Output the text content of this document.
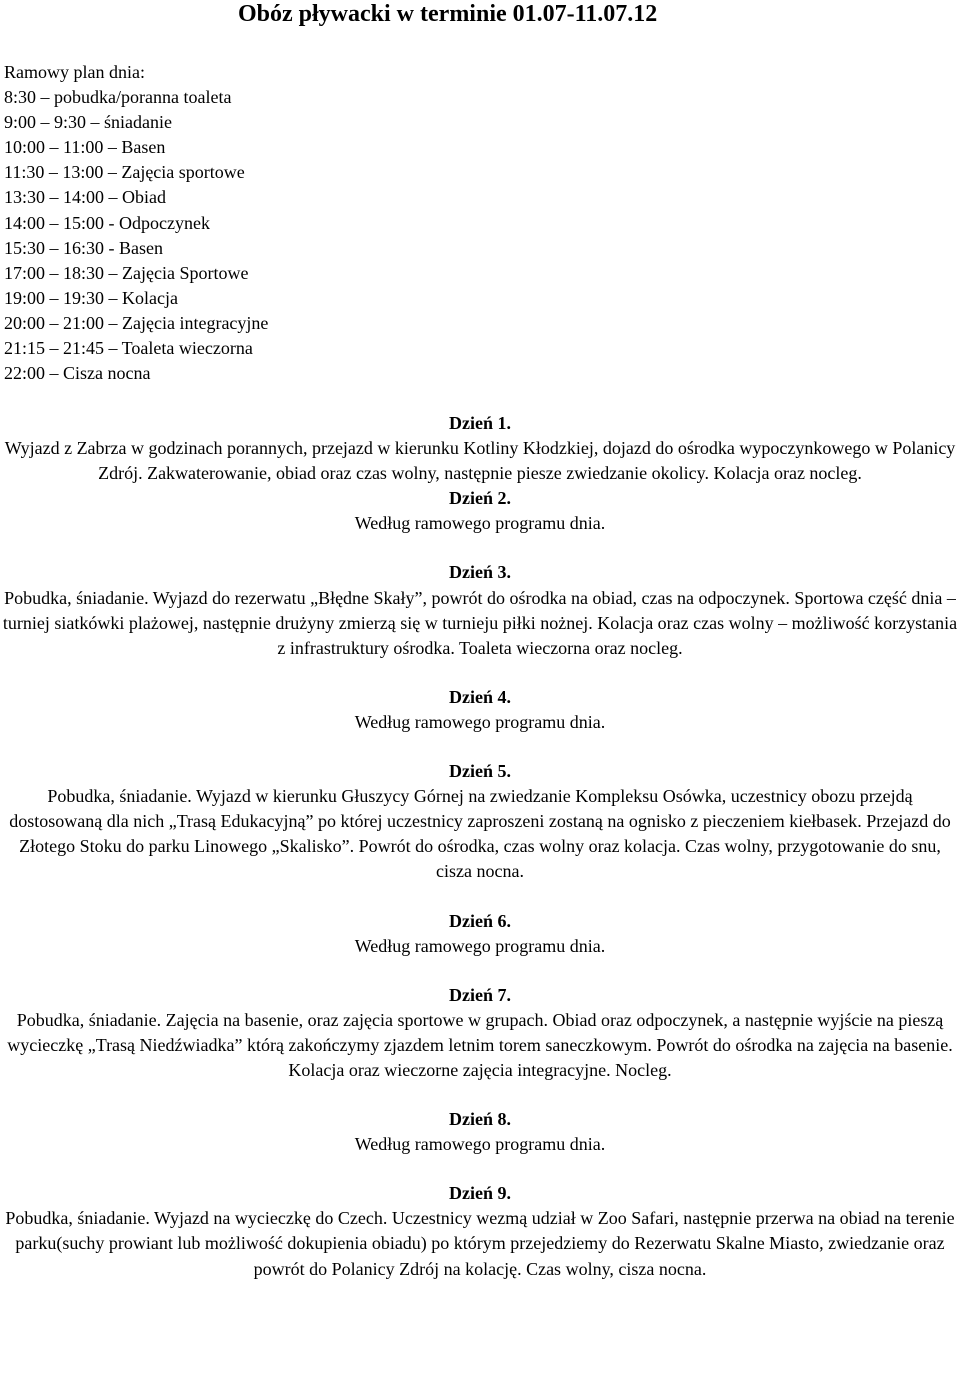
Obóz pływacki w terminie 01.07-11.07.12
Ramowy plan dnia:
8:30 – pobudka/poranna toaleta
9:00 – 9:30 – śniadanie
10:00 – 11:00 – Basen
11:30 – 13:00 – Zajęcia sportowe
13:30 – 14:00 – Obiad
14:00 – 15:00 - Odpoczynek
15:30 – 16:30 - Basen
17:00 – 18:30 – Zajęcia Sportowe
19:00 – 19:30 – Kolacja
20:00 – 21:00 – Zajęcia integracyjne
21:15 – 21:45 – Toaleta wieczorna
22:00 – Cisza nocna
Dzień 1.
Wyjazd z Zabrza w godzinach porannych, przejazd w kierunku Kotliny Kłodzkiej, dojazd do ośrodka wypoczynkowego w Polanicy Zdrój. Zakwaterowanie, obiad oraz czas wolny, następnie piesze zwiedzanie okolicy. Kolacja oraz nocleg.
Dzień 2.
Według ramowego programu dnia.
Dzień 3.
Pobudka, śniadanie. Wyjazd do rezerwatu „Błędne Skały”, powrót do ośrodka na obiad, czas na odpoczynek. Sportowa część dnia – turniej siatkówki plażowej, następnie drużyny zmierzą się w turnieju piłki nożnej. Kolacja oraz czas wolny – możliwość korzystania z infrastruktury ośrodka. Toaleta wieczorna oraz nocleg.
Dzień 4.
Według ramowego programu dnia.
Dzień 5.
Pobudka, śniadanie. Wyjazd w kierunku Głuszycy Górnej na zwiedzanie Kompleksu Osówka, uczestnicy obozu przejdą dostosowaną dla nich „Trasą Edukacyjną” po której uczestnicy zaproszeni zostaną na ognisko z pieczeniem kiełbasek. Przejazd do Złotego Stoku do parku Linowego „Skalisko”. Powrót do ośrodka, czas wolny oraz kolacja. Czas wolny, przygotowanie do snu, cisza nocna.
Dzień 6.
Według ramowego programu dnia.
Dzień 7.
Pobudka, śniadanie. Zajęcia na basenie, oraz zajęcia sportowe w grupach. Obiad oraz odpoczynek, a następnie wyjście na pieszą wycieczkę „Trasą Niedźwiadka” którą zakończymy zjazdem letnim torem saneczkowym. Powrót do ośrodka na zajęcia na basenie. Kolacja oraz wieczorne zajęcia integracyjne. Nocleg.
Dzień 8.
Według ramowego programu dnia.
Dzień 9.
Pobudka, śniadanie. Wyjazd na wycieczkę do Czech. Uczestnicy wezmą udział w Zoo Safari, następnie przerwa na obiad na terenie parku(suchy prowiant lub możliwość dokupienia obiadu) po którym przejedziemy do Rezerwatu Skalne Miasto, zwiedzanie oraz powrót do Polanicy Zdrój na kolację. Czas wolny, cisza nocna.
